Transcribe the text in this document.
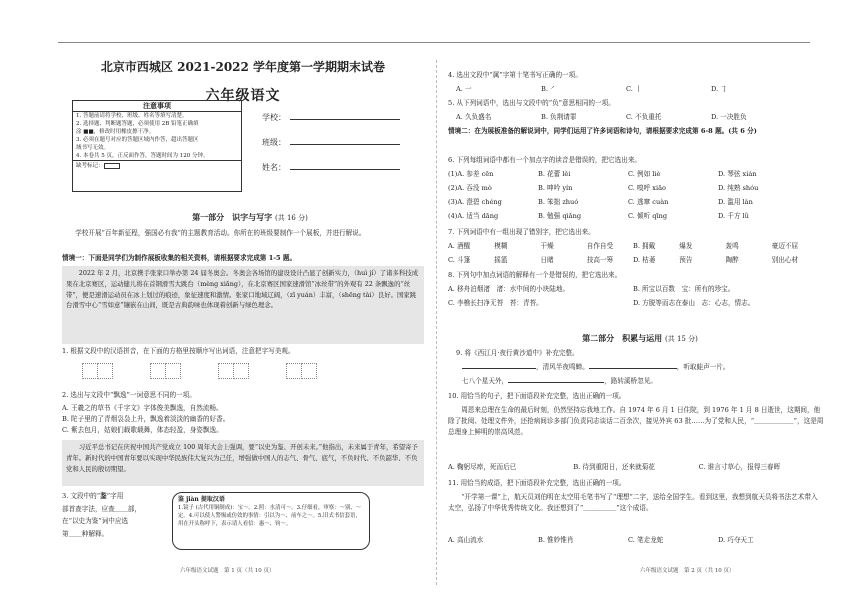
北京市西城区 2021-2022 学年度第一学期期末试卷
六年级语文
注意事项
1. 答题前请将学校、班级、姓名等填写清楚。
2. 选择题、判断题答题，必须使用 2B 铅笔正确填
涂 ■■，修改时用橡皮擦干净。
3. 必须在题号对应的答题区域内作答，超出答题区
域书写无效。
4. 本卷共 5 页，正反面作答，答题时间为 120 分钟。
缺考标记：
学校：
班级：
姓名：
第一部分　识字与写字 (共 16 分)
学校开展“百年新征程，强国必有我”的主题教育活动。你所在的班级要制作一个展板，并进行解说。
情境一：下面是同学们为制作展板收集的相关资料，请根据要求完成第 1-5 题。
2022 年 2 月，北京携手张家口举办第 24 届冬奥会。冬奥会各场馆的建设设计凸显了创新实力，（huì jí）了诸多科技成果在北京赛区，运动健儿将在首钢滑雪大跳台（mèng xiǎng），在北京赛区国家速滑馆“冰丝带”的外观有 22 条飘逸的“丝带”，便是速滑运动员在冰上划过的痕迹，象征速度和激情。张家口地域辽阔，（zī yuán）丰富，（shēng tài）良好。国家跳台滑雪中心“雪如意”镶嵌在山间，既是古典韵味也体现着创新与绿色理念。
1. 根据文段中的汉语拼音，在下面的方格里按顺序写出词语，注意把字写美观。
2. 选出与文段中“飘逸”一词意思不同的一项。
A. 王羲之的草书《千字文》字体俊美飘逸，自然流畅。
B. 陀子里的了青烟袅袅上升，飘逸着淡淡的幽香的好香。
C. 紫去包月，姑娘们载歌载舞，体态轻盈，身姿飘逸。
习近平总书记在庆祝中国共产党成立 100 周年大会上强调，要“以史为鉴、开创未来。”他指出，未来属于青年，希望寄予青年。新时代的中国青年要以实现中华民族伟大复兴为己任，增强做中国人的志气、骨气、底气，不负时代、不负韶华、不负党和人民的殷切期望。
3. 文段中的“鉴”字用
部首查字法，应查＿＿部，
在“以史为鉴”词中应选
第＿＿种解释。
鉴 jiàn 提取汉语
1.镜子 (古代用铜制成)：宝～。2.照：水清可～。3.仔细看，审察：～别、～定。4.可以使人警惕或仿效的事情：引以为～、前车之～。5.旧式书信套语，用在开头称呼下，表示请人看信：惠～、钧～。
六年级语文试题　第 1 页（共 10 页）
4. 选出文段中“属”字第十笔书写正确的一项。
A. 一	B. ㇒	C. 丨	D. ㇆
5. 从下列词语中，选出与文段中的“负”意思相同的一项。
A. 久负盛名	B. 负荆请罪	C. 不负重托	D. 一决胜负
情境二：在为展板准备的解说词中，同学们运用了许多词语和诗句，请根据要求完成第 6-8 题。(共 6 分)
6. 下列每组词语中都有一个加点字的读音是错误的，把它选出来。
(1)A. 参差 cēn	B. 花蕾 lěi	C. 例如 liè	D. 琴弦 xián
(2)A. 吞没 mò	B. 呻吟 yín	C. 嗅呼 xiāo	D. 纯熟 shóu
(3)A. 澄碧 chéng	B. 笨拙 zhuó	C. 逃窜 cuàn	D. 滥用 làn
(4)A. 适当 dāng	B. 勉强 qiǎng	C. 倾听 qīng	D. 千方 lǜ
7. 下列词语中有一组出现了错别字，把它选出来。
A. 酒醒	模糊	干燥	自作自受	B. 拥戴	爆发	轰鸣	豪迈不屈
C. 斗篷	摇篮	日睹	技高一筹	D. 枯萎	预告	陶醉	别出心材
8. 下列句中加点词语的解释有一个是错误的，把它选出来。
A. 移舟泊烟渚　渚：水中间的小块陆地。	B. 所宝以百数　宝：所有的珍宝。
C. 李樵长扫净无苔　苔：青苔。	D. 方脱等而志在泰山　志：心志，情志。
第二部分　积累与运用 (共 15 分)
9. 将《西江月·夜行黄沙道中》补充完整。
，清风半夜鸣蝉。	，听取蛙声一片。
七八个星天外，	，路转溪桥忽见。
10. 用恰当的句子，把下面语段补充完整，选出正确的一项。
周恩来总理在生命的最后时刻，仍然坚持忘我地工作。自 1974 年 6 月 1 日住院，到 1976 年 1 月 8 日逝世，这期间，他除了批阅、处理文件外，还抢病间诊多部门负责同志谈话二百余次，接见外宾 63 批……为了党和人民，“＿＿＿＿＿＿”，这是周总理身上鲜明的崇高风范。
A. 鞠躬尽瘁，死而后已	B. 待到重阳日，还来就菊花	C. 谁言寸草心，报得三春晖
11. 用恰当的成语，把下面语段补充完整，选出正确的一项。
“开学第一课”上，航天员刘伯明在太空用毛笔书写了“理想”二字，送给全国学生。看到这里，我想到航天员将书法艺术带入太空，弘扬了中华优秀传统文化。我还想到了“＿＿＿＿＿”这个成语。
A. 高山流水	B. 惟妙惟肖	C. 笔走龙蛇	D. 巧夺天工
六年级语文试题　第 2 页（共 10 页）
